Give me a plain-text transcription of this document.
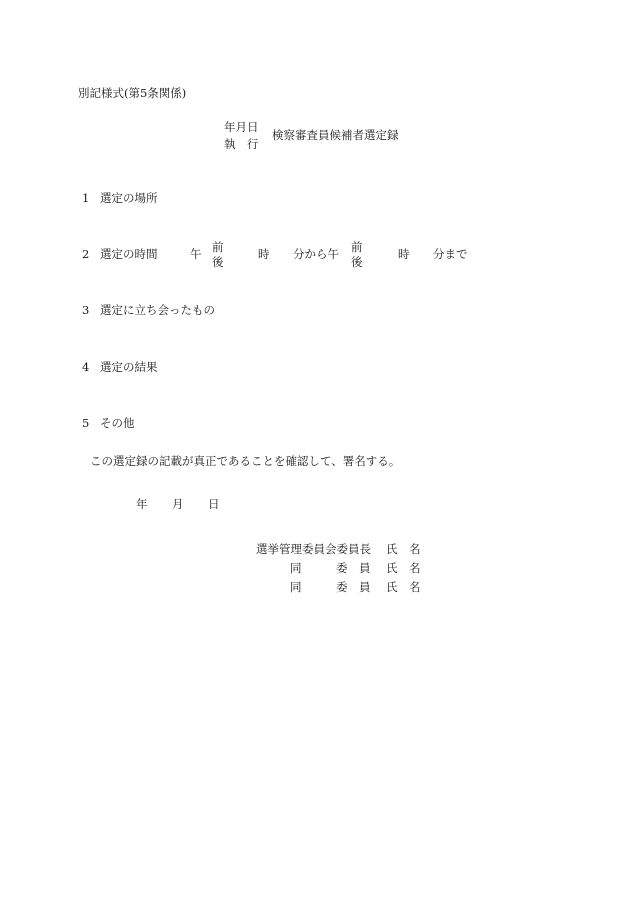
別記様式(第5条関係)
年月日
執　行
検察審査員候補者選定録
1 選定の場所
2 選定の時間	午 前
後
時 分から午 前
後
時 分まで
3 選定に立ち会ったもの
4 選定の結果
5 その他
この選定録の記載が真正であることを確認して、署名する。
年 月 日
選挙管理委員会委員長 氏　名
同	委　員 氏　名
同	委　員 氏　名
